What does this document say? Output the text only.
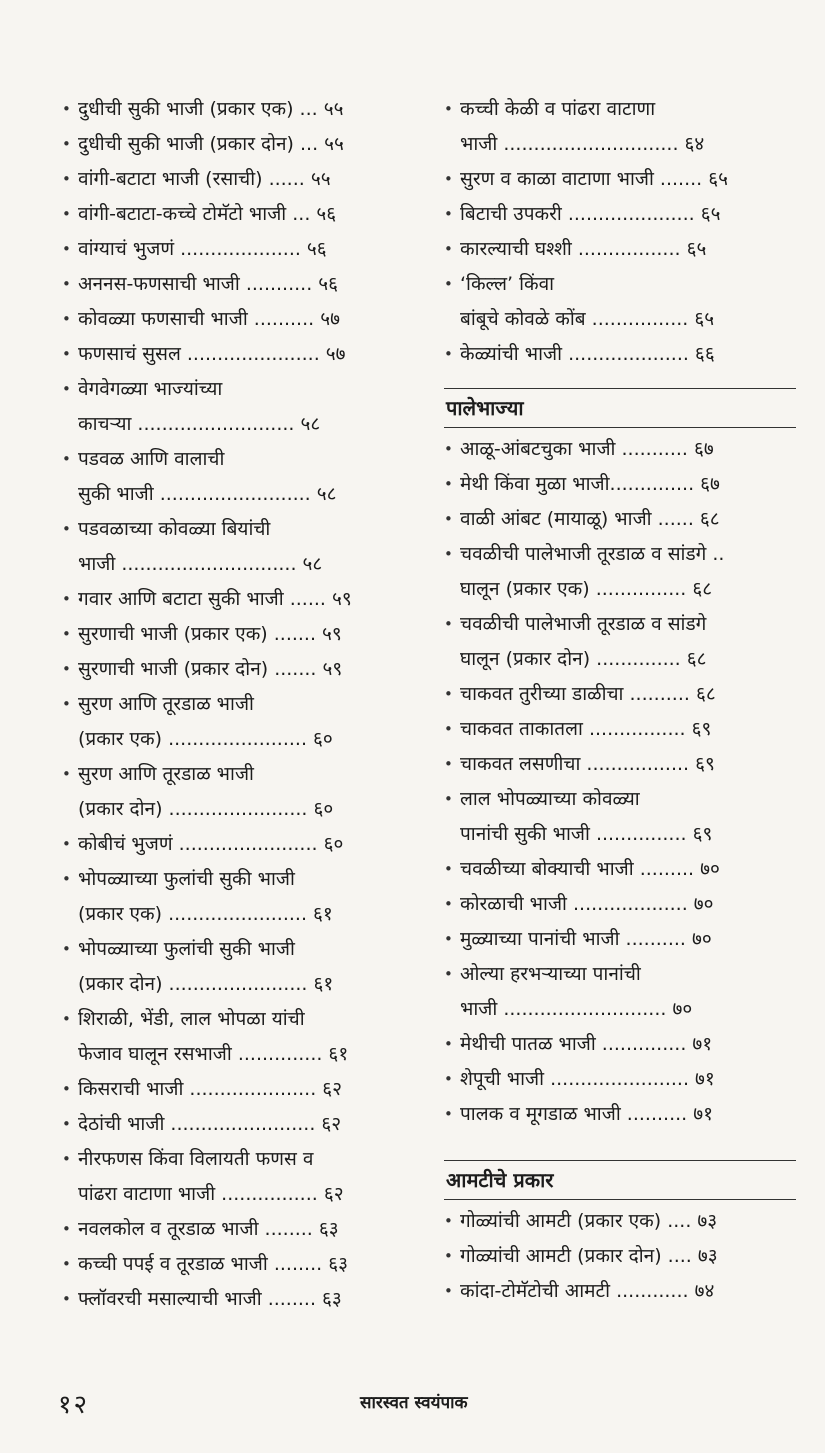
• दुधीची सुकी भाजी (प्रकार एक) ... ५५
• दुधीची सुकी भाजी (प्रकार दोन) ... ५५
• वांगी-बटाटा भाजी (रसाची) ...... ५५
• वांगी-बटाटा-कच्चे टोमॅटो भाजी ... ५६
• वांग्याचं भुजणं .................... ५६
• अननस-फणसाची भाजी ........... ५६
• कोवळ्या फणसाची भाजी .......... ५७
• फणसाचं सुसल ...................... ५७
• वेगवेगळ्या भाज्यांच्या
काचऱ्या .......................... ५८
• पडवळ आणि वालाची
सुकी भाजी ......................... ५८
• पडवळाच्या कोवळ्या बियांची
भाजी ............................. ५८
• गवार आणि बटाटा सुकी भाजी ...... ५९
• सुरणाची भाजी (प्रकार एक) ....... ५९
• सुरणाची भाजी (प्रकार दोन) ....... ५९
• सुरण आणि तूरडाळ भाजी
(प्रकार एक) ....................... ६०
• सुरण आणि तूरडाळ भाजी
(प्रकार दोन) ....................... ६०
• कोबीचं भुजणं ....................... ६०
• भोपळ्याच्या फुलांची सुकी भाजी
(प्रकार एक) ....................... ६१
• भोपळ्याच्या फुलांची सुकी भाजी
(प्रकार दोन) ....................... ६१
• शिराळी, भेंडी, लाल भोपळा यांची
फेजाव घालून रसभाजी .............. ६१
• किसराची भाजी ..................... ६२
• देठांची भाजी ........................ ६२
• नीरफणस किंवा विलायती फणस व
पांढरा वाटाणा भाजी ................ ६२
• नवलकोल व तूरडाळ भाजी ........ ६३
• कच्ची पपई व तूरडाळ भाजी ........ ६३
• फ्लॉवरची मसाल्याची भाजी ........ ६३
• कच्ची केळी व पांढरा वाटाणा
भाजी ............................. ६४
• सुरण व काळा वाटाणा भाजी ....... ६५
• बिटाची उपकरी ..................... ६५
• कारल्याची घश्शी ................. ६५
• ‘किल्ल’ किंवा
बांबूचे कोवळे कोंब ................ ६५
• केळ्यांची भाजी .................... ६६
पालेभाज्या
• आळू-आंबटचुका भाजी ........... ६७
• मेथी किंवा मुळा भाजी.............. ६७
• वाळी आंबट (मायाळू) भाजी ...... ६८
• चवळीची पालेभाजी तूरडाळ व सांडगे ..
घालून (प्रकार एक) ............... ६८
• चवळीची पालेभाजी तूरडाळ व सांडगे
घालून (प्रकार दोन) .............. ६८
• चाकवत तुरीच्या डाळीचा .......... ६८
• चाकवत ताकातला ................ ६९
• चाकवत लसणीचा ................. ६९
• लाल भोपळ्याच्या कोवळ्या
पानांची सुकी भाजी ............... ६९
• चवळीच्या बोक्याची भाजी ......... ७०
• कोरळाची भाजी ................... ७०
• मुळ्याच्या पानांची भाजी .......... ७०
• ओल्या हरभऱ्याच्या पानांची
भाजी ........................... ७०
• मेथीची पातळ भाजी .............. ७१
• शेपूची भाजी ....................... ७१
• पालक व मूगडाळ भाजी .......... ७१
आमटीचे प्रकार
• गोळ्यांची आमटी (प्रकार एक) .... ७३
• गोळ्यांची आमटी (प्रकार दोन) .... ७३
• कांदा-टोमॅटोची आमटी ............ ७४
१२	सारस्वत स्वयंपाक
